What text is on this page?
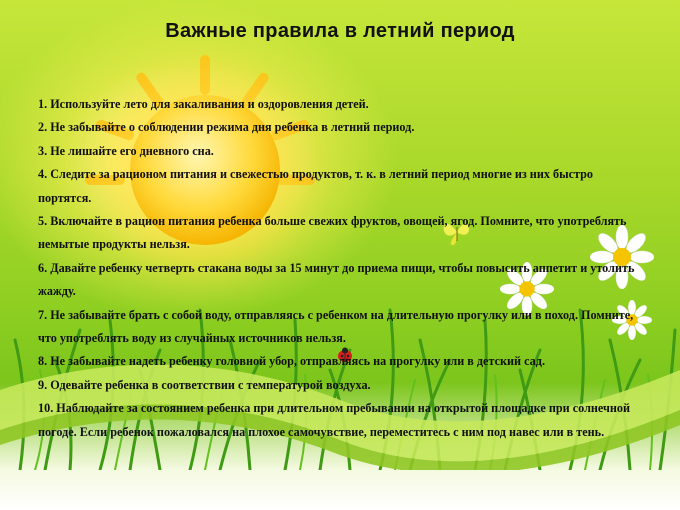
Важные правила в летний период
1. Используйте лето для закаливания и оздоровления детей.
2. Не забывайте о соблюдении режима дня ребенка в летний период.
3. Не лишайте его дневного сна.
4. Следите за рационом питания и свежестью продуктов, т. к. в летний период многие из них быстро портятся.
5. Включайте в рацион питания ребенка больше свежих фруктов, овощей, ягод. Помните, что употреблять немытые продукты нельзя.
6. Давайте ребенку четверть стакана воды за 15 минут до приема пищи, чтобы повысить аппетит и утолить жажду.
7. Не забывайте брать с собой воду, отправляясь с ребенком на длительную прогулку или в поход. Помните, что употреблять воду из случайных источников нельзя.
8. Не забывайте надеть ребенку головной убор, отправляясь на прогулку или в детский сад.
9. Одевайте ребенка в соответствии с температурой воздуха.
10. Наблюдайте за состоянием ребенка при длительном пребывании на открытой площадке при солнечной погоде. Если ребенок пожаловался на плохое самочувствие, переместитесь с ним под навес или в тень.
